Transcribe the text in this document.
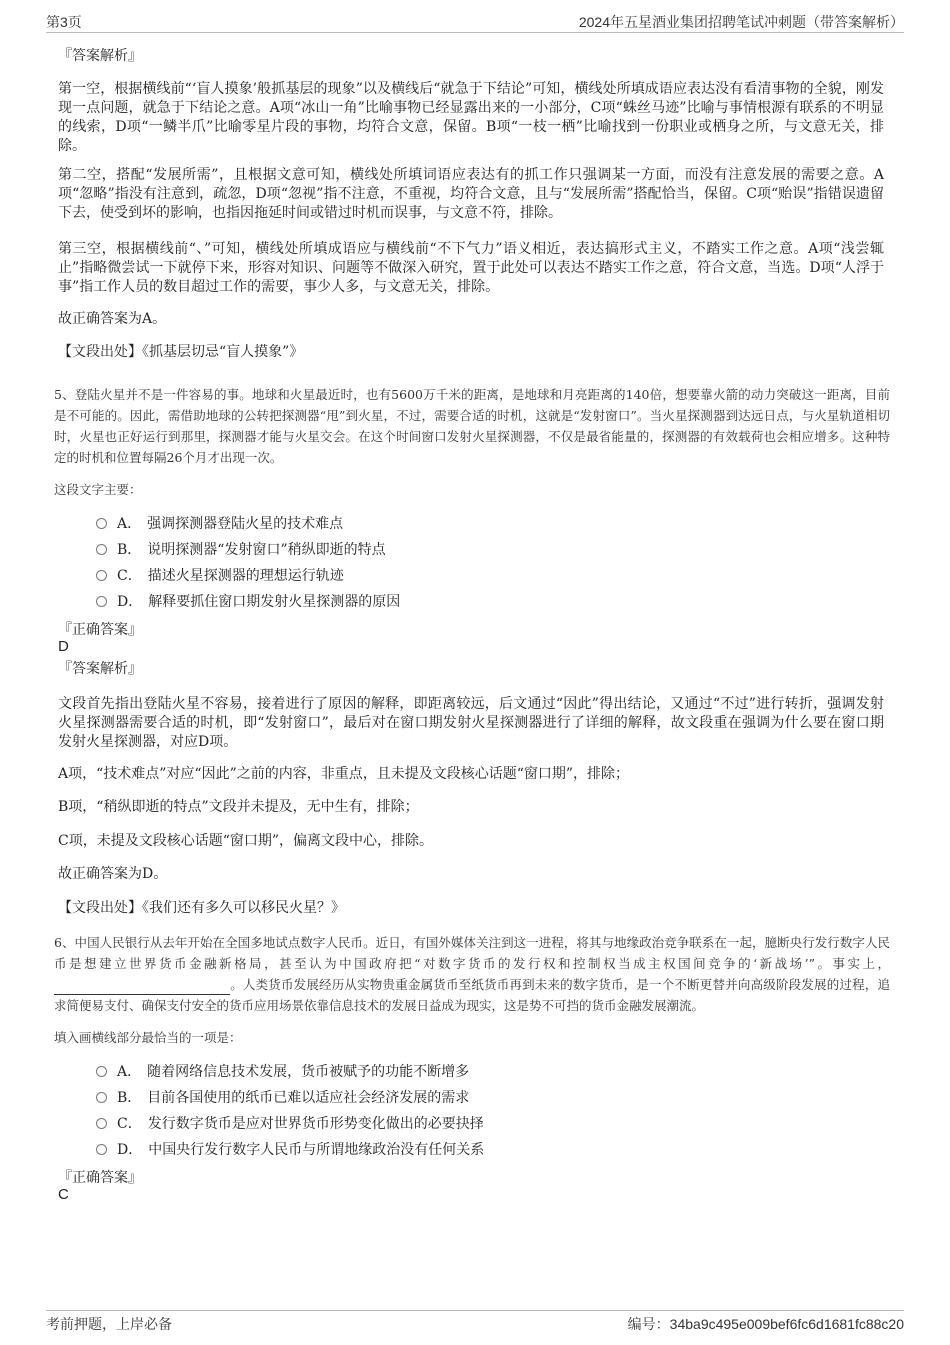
第3页	2024年五星酒业集团招聘笔试冲刺题（带答案解析）
『答案解析』
第一空，根据横线前“‘盲人摸象’般抓基层的现象”以及横线后“就急于下结论”可知，横线处所填成语应表达没有看清事物的全貌，刚发现一点问题，就急于下结论之意。A项“冰山一角”比喻事物已经显露出来的一小部分，C项“蛛丝马迹”比喻与事情根源有联系的不明显的线索，D项“一鳞半爪”比喻零星片段的事物，均符合文意，保留。B项“一枝一栖”比喻找到一份职业或栖身之所，与文意无关，排除。
第二空，搭配“发展所需”，且根据文意可知，横线处所填词语应表达有的抓工作只强调某一方面，而没有注意发展的需要之意。A项“忽略”指没有注意到，疏忽，D项“忽视”指不注意，不重视，均符合文意，且与“发展所需”搭配恰当，保留。C项“贻误”指错误遗留下去，使受到坏的影响，也指因拖延时间或错过时机而误事，与文意不符，排除。
第三空，根据横线前“、”可知，横线处所填成语应与横线前“不下气力”语义相近，表达搞形式主义，不踏实工作之意。A项“浅尝辄止”指略微尝试一下就停下来，形容对知识、问题等不做深入研究，置于此处可以表达不踏实工作之意，符合文意，当选。D项“人浮于事”指工作人员的数目超过工作的需要，事少人多，与文意无关，排除。
故正确答案为A。
【文段出处】《抓基层切忌“盲人摸象”》
5、登陆火星并不是一件容易的事。地球和火星最近时，也有5600万千米的距离，是地球和月亮距离的140倍，想要靠火箭的动力突破这一距离，目前是不可能的。因此，需借助地球的公转把探测器“甩”到火星，不过，需要合适的时机，这就是“发射窗口”。当火星探测器到达远日点，与火星轨道相切时，火星也正好运行到那里，探测器才能与火星交会。在这个时间窗口发射火星探测器，不仅是最省能量的，探测器的有效载荷也会相应增多。这种特定的时机和位置每隔26个月才出现一次。
这段文字主要：
A． 强调探测器登陆火星的技术难点
B． 说明探测器“发射窗口”稍纵即逝的特点
C． 描述火星探测器的理想运行轨迹
D． 解释要抓住窗口期发射火星探测器的原因
『正确答案』
D
『答案解析』
文段首先指出登陆火星不容易，接着进行了原因的解释，即距离较远，后文通过“因此”得出结论，又通过“不过”进行转折，强调发射火星探测器需要合适的时机，即“发射窗口”，最后对在窗口期发射火星探测器进行了详细的解释，故文段重在强调为什么要在窗口期发射火星探测器，对应D项。
A项，“技术难点”对应“因此”之前的内容，非重点，且未提及文段核心话题“窗口期”，排除；
B项，“稍纵即逝的特点”文段并未提及，无中生有，排除；
C项，未提及文段核心话题“窗口期”，偏离文段中心，排除。
故正确答案为D。
【文段出处】《我们还有多久可以移民火星？》
6、中国人民银行从去年开始在全国多地试点数字人民币。近日，有国外媒体关注到这一进程，将其与地缘政治竞争联系在一起，臆断央行发行数字人民币是想建立世界货币金融新格局，甚至认为中国政府把“对数字货币的发行权和控制权当成主权国间竞争的‘新战场’”。事实上，。人类货币发展经历从实物贵重金属货币至纸货币再到未来的数字货币，是一个不断更替并向高级阶段发展的过程，追求简便易支付、确保支付安全的货币应用场景依靠信息技术的发展日益成为现实，这是势不可挡的货币金融发展潮流。
填入画横线部分最恰当的一项是：
A． 随着网络信息技术发展，货币被赋予的功能不断增多
B． 目前各国使用的纸币已难以适应社会经济发展的需求
C． 发行数字货币是应对世界货币形势变化做出的必要抉择
D． 中国央行发行数字人民币与所谓地缘政治没有任何关系
『正确答案』
C
考前押题，上岸必备	编号：34ba9c495e009bef6fc6d1681fc88c20
